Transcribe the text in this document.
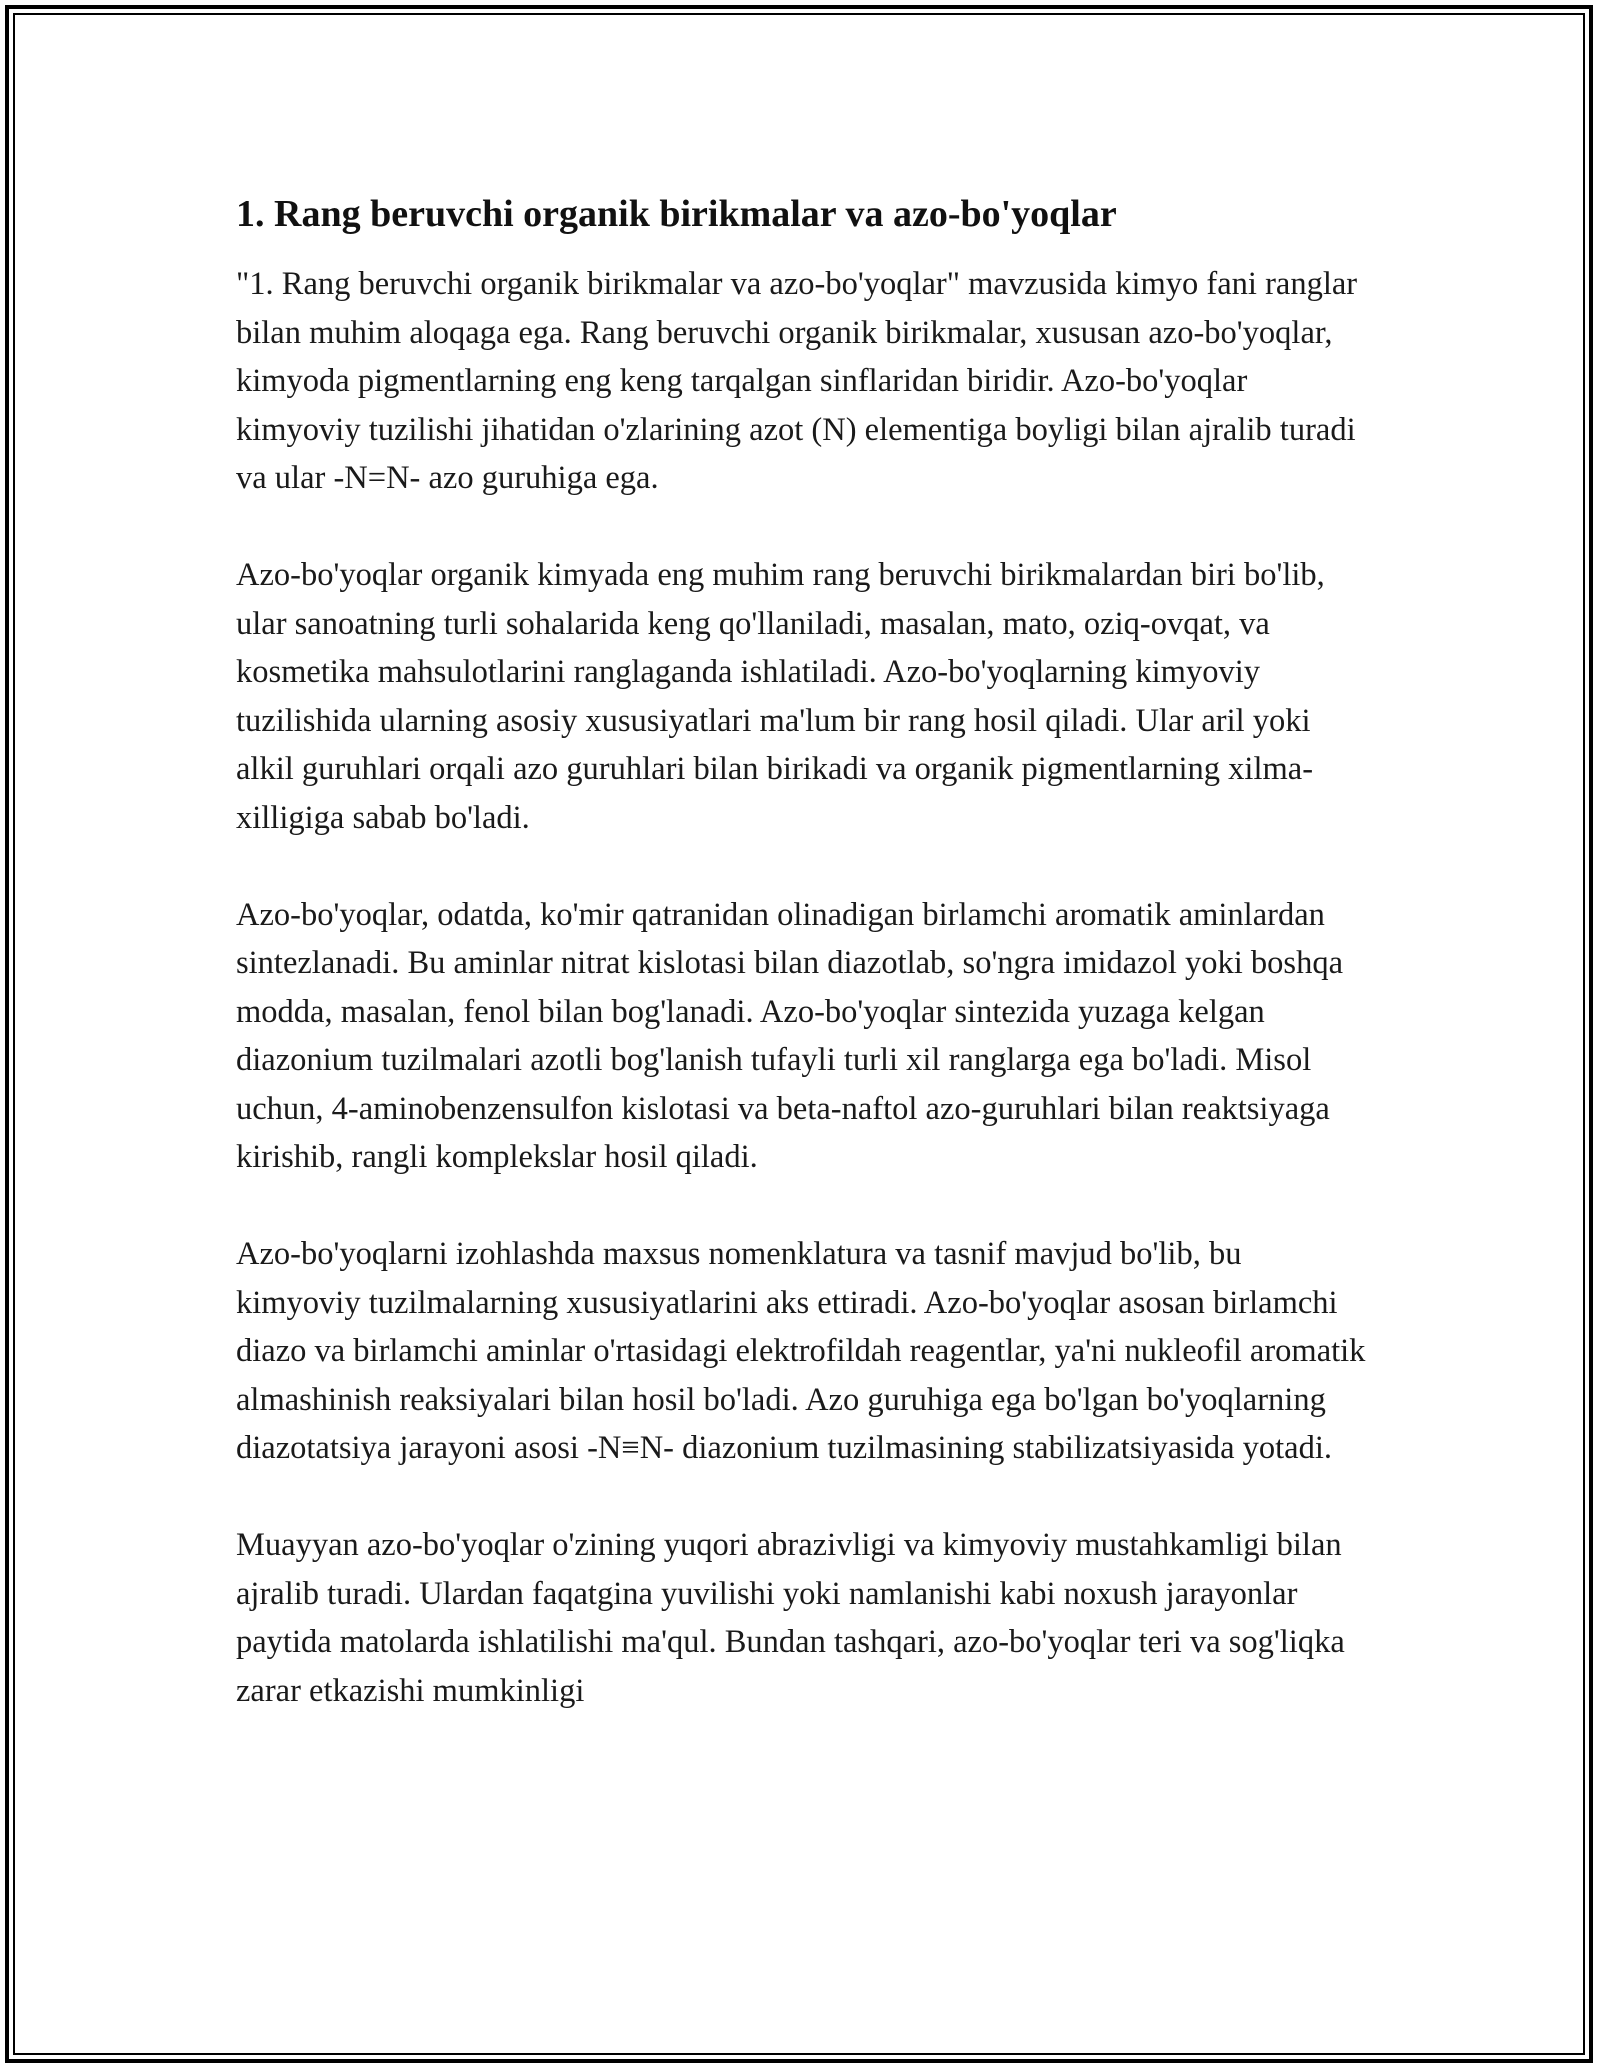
1. Rang beruvchi organik birikmalar va azo-bo'yoqlar

"1. Rang beruvchi organik birikmalar va azo-bo'yoqlar" mavzusida kimyo fani ranglar bilan muhim aloqaga ega. Rang beruvchi organik birikmalar, xususan azo-bo'yoqlar, kimyoda pigmentlarning eng keng tarqalgan sinflaridan biridir. Azo-bo'yoqlar kimyoviy tuzilishi jihatidan o'zlarining azot (N) elementiga boyligi bilan ajralib turadi va ular -N=N- azo guruhiga ega.

Azo-bo'yoqlar organik kimyada eng muhim rang beruvchi birikmalardan biri bo'lib, ular sanoatning turli sohalarida keng qo'llaniladi, masalan, mato, oziq-ovqat, va kosmetika mahsulotlarini ranglaganda ishlatiladi. Azo-bo'yoqlarning kimyoviy tuzilishida ularning asosiy xususiyatlari ma'lum bir rang hosil qiladi. Ular aril yoki alkil guruhlari orqali azo guruhlari bilan birikadi va organik pigmentlarning xilma-xilligiga sabab bo'ladi.

Azo-bo'yoqlar, odatda, ko'mir qatranidan olinadigan birlamchi aromatik aminlardan sintezlanadi. Bu aminlar nitrat kislotasi bilan diazotlab, so'ngra imidazol yoki boshqa modda, masalan, fenol bilan bog'lanadi. Azo-bo'yoqlar sintezida yuzaga kelgan diazonium tuzilmalari azotli bog'lanish tufayli turli xil ranglarga ega bo'ladi. Misol uchun, 4-aminobenzensulfon kislotasi va beta-naftol azo-guruhlari bilan reaktsiyaga kirishib, rangli komplekslar hosil qiladi.

Azo-bo'yoqlarni izohlashda maxsus nomenklatura va tasnif mavjud bo'lib, bu kimyoviy tuzilmalarning xususiyatlarini aks ettiradi. Azo-bo'yoqlar asosan birlamchi diazo va birlamchi aminlar o'rtasidagi elektrofildah reagentlar, ya'ni nukleofil aromatik almashinish reaksiyalari bilan hosil bo'ladi. Azo guruhiga ega bo'lgan bo'yoqlarning diazotatsiya jarayoni asosi -N≡N- diazonium tuzilmasining stabilizatsiyasida yotadi.

Muayyan azo-bo'yoqlar o'zining yuqori abrazivligi va kimyoviy mustahkamligi bilan ajralib turadi. Ulardan faqatgina yuvilishi yoki namlanishi kabi noxush jarayonlar paytida matolarda ishlatilishi ma'qul. Bundan tashqari, azo-bo'yoqlar teri va sog'liqka zarar etkazishi mumkinligi
